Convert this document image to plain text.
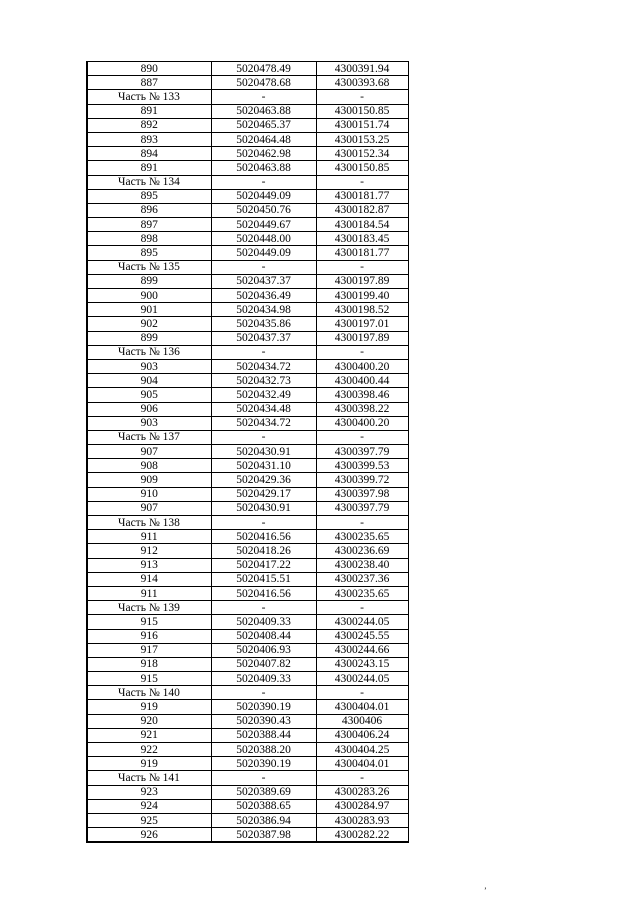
890	5020478.49	4300391.94
887	5020478.68	4300393.68
Часть № 133	-	-
891	5020463.88	4300150.85
892	5020465.37	4300151.74
893	5020464.48	4300153.25
894	5020462.98	4300152.34
891	5020463.88	4300150.85
Часть № 134	-	-
895	5020449.09	4300181.77
896	5020450.76	4300182.87
897	5020449.67	4300184.54
898	5020448.00	4300183.45
895	5020449.09	4300181.77
Часть № 135	-	-
899	5020437.37	4300197.89
900	5020436.49	4300199.40
901	5020434.98	4300198.52
902	5020435.86	4300197.01
899	5020437.37	4300197.89
Часть № 136	-	-
903	5020434.72	4300400.20
904	5020432.73	4300400.44
905	5020432.49	4300398.46
906	5020434.48	4300398.22
903	5020434.72	4300400.20
Часть № 137	-	-
907	5020430.91	4300397.79
908	5020431.10	4300399.53
909	5020429.36	4300399.72
910	5020429.17	4300397.98
907	5020430.91	4300397.79
Часть № 138	-	-
911	5020416.56	4300235.65
912	5020418.26	4300236.69
913	5020417.22	4300238.40
914	5020415.51	4300237.36
911	5020416.56	4300235.65
Часть № 139	-	-
915	5020409.33	4300244.05
916	5020408.44	4300245.55
917	5020406.93	4300244.66
918	5020407.82	4300243.15
915	5020409.33	4300244.05
Часть № 140	-	-
919	5020390.19	4300404.01
920	5020390.43	4300406
921	5020388.44	4300406.24
922	5020388.20	4300404.25
919	5020390.19	4300404.01
Часть № 141	-	-
923	5020389.69	4300283.26
924	5020388.65	4300284.97
925	5020386.94	4300283.93
926	5020387.98	4300282.22
ʼ
